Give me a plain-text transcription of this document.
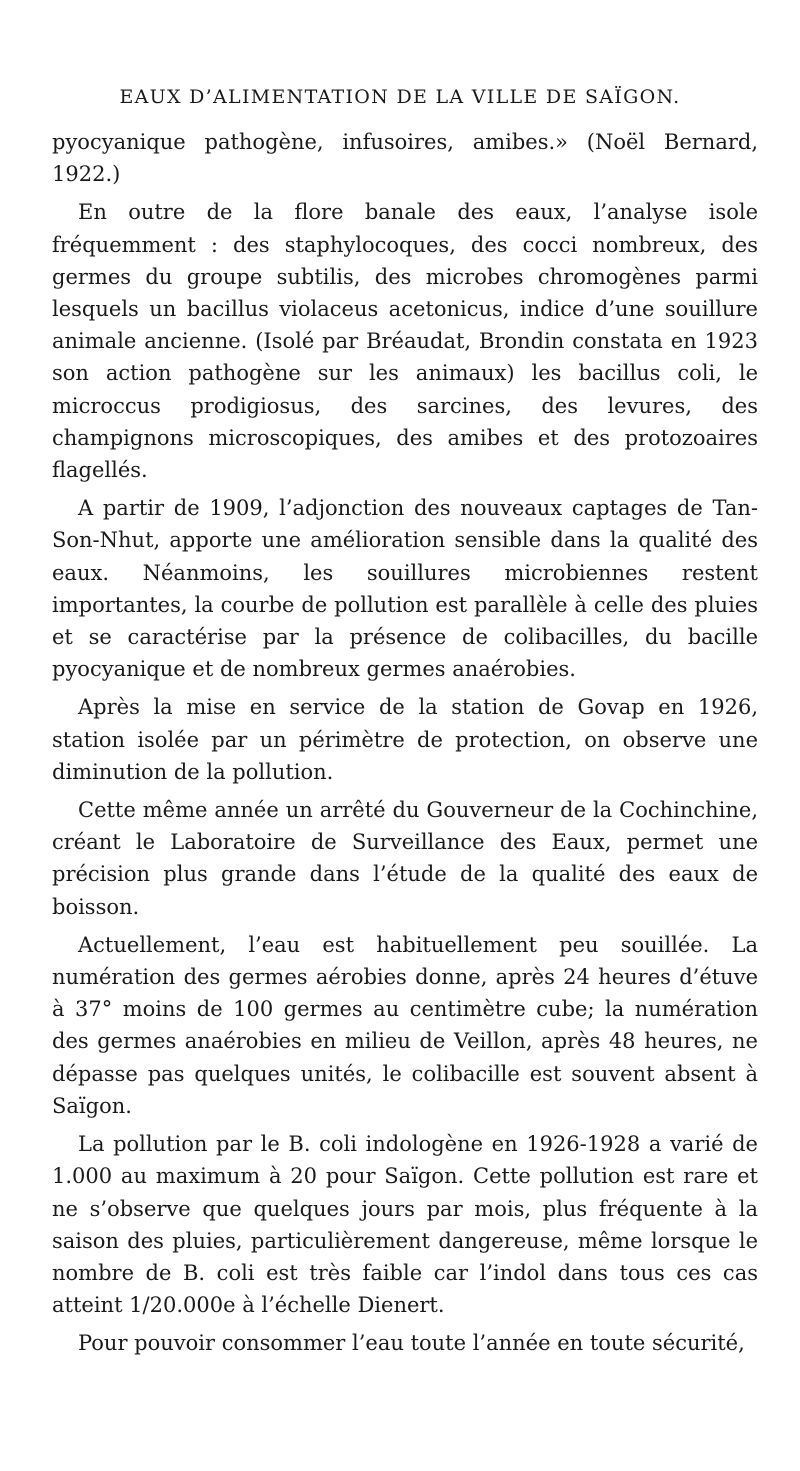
EAUX D’ALIMENTATION DE LA VILLE DE SAÏGON.

pyocyanique pathogène, infusoires, amibes.» (Noël Bernard, 1922.)

En outre de la flore banale des eaux, l’analyse isole fréquemment : des staphylocoques, des cocci nombreux, des germes du groupe subtilis, des microbes chromogènes parmi lesquels un bacillus violaceus acetonicus, indice d’une souillure animale ancienne. (Isolé par Bréaudat, Brondin constata en 1923 son action pathogène sur les animaux) les bacillus coli, le microccus prodigiosus, des sarcines, des levures, des champignons microscopiques, des amibes et des protozoaires flagellés.

A partir de 1909, l’adjonction des nouveaux captages de Tan-Son-Nhut, apporte une amélioration sensible dans la qualité des eaux. Néanmoins, les souillures microbiennes restent importantes, la courbe de pollution est parallèle à celle des pluies et se caractérise par la présence de colibacilles, du bacille pyocyanique et de nombreux germes anaérobies.

Après la mise en service de la station de Govap en 1926, station isolée par un périmètre de protection, on observe une diminution de la pollution.

Cette même année un arrêté du Gouverneur de la Cochinchine, créant le Laboratoire de Surveillance des Eaux, permet une précision plus grande dans l’étude de la qualité des eaux de boisson.

Actuellement, l’eau est habituellement peu souillée. La numération des germes aérobies donne, après 24 heures d’étuve à 37° moins de 100 germes au centimètre cube; la numération des germes anaérobies en milieu de Veillon, après 48 heures, ne dépasse pas quelques unités, le colibacille est souvent absent à Saïgon.

La pollution par le B. coli indologène en 1926-1928 a varié de 1.000 au maximum à 20 pour Saïgon. Cette pollution est rare et ne s’observe que quelques jours par mois, plus fréquente à la saison des pluies, particulièrement dangereuse, même lorsque le nombre de B. coli est très faible car l’indol dans tous ces cas atteint 1/20.000e à l’échelle Dienert.

Pour pouvoir consommer l’eau toute l’année en toute sécurité,
